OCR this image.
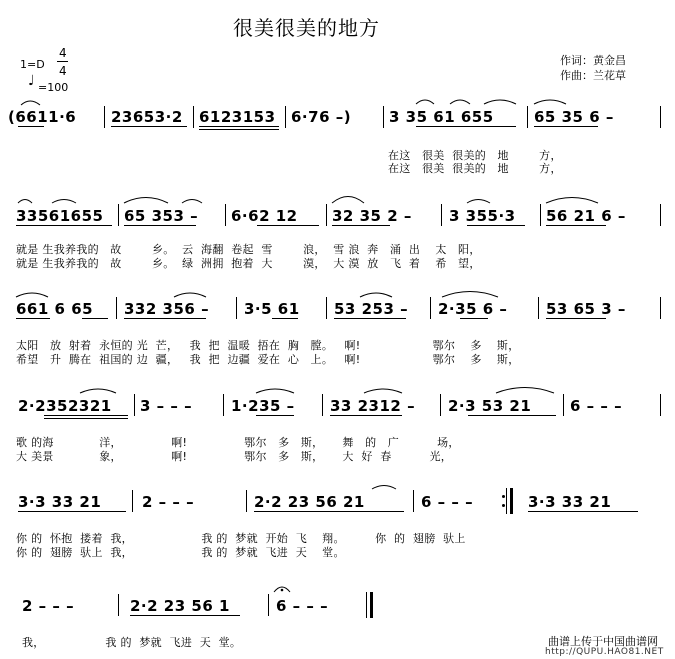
很美很美的地方
1=D
4
4
♩ =100
作词：黄金昌
作曲：兰花草
(6611·6 23653·2 6123153 6·76 –)	3 35 61 655	65 35 6 –
在这   很美  很美的   地        方，
在这   很美  很美的   地        方，
33561655 65 353 – 6·62 12 32 35 2 – 3 355·3 56 21 6 –
就是 生我养我的   故        乡。  云  海翻  卷起  雪        浪，  雪 浪  奔   涌  出    太   阳，
就是 生我养我的   故        乡。  绿  洲拥  抱着  大        漠，  大 漠  放   飞  着    希   望，
661 6 65 332 356 – 3·5 61 53 253 – 2·35 6 –	53 65 3 –
太阳   放  射着  永恒的 光  芒，   我  把  温暖  捂在  胸   膛。   啊!                   鄂尔    多    斯，
希望   升  腾在  祖国的 边  疆，   我  把  边疆  爱在  心   上。   啊!                   鄂尔    多    斯，
2·2352321 3 – – –	1·235 – 33 2312 – 2·3 53 21	6 – – –
歌 的海            洋，             啊!               鄂尔   多   斯，     舞   的   广          场，
大 美景            象，             啊!               鄂尔   多   斯，     大  好  春          光，
3·3 33 21	2 – – –	2·2 23 56 21	6 – – –	3·3 33 21
你 的  怀抱  搂着  我，                  我 的  梦就  开始  飞    翔。        你  的  翅膀  驮上
你 的  翅膀  驮上  我，                  我 的  梦就  飞进  天    堂。
2 – – –	2·2 23 56 1	6 – – –
我，                我 的  梦就  飞进  天  堂。	曲谱上传于中国曲谱网
http://QUPU.HAO81.NET
